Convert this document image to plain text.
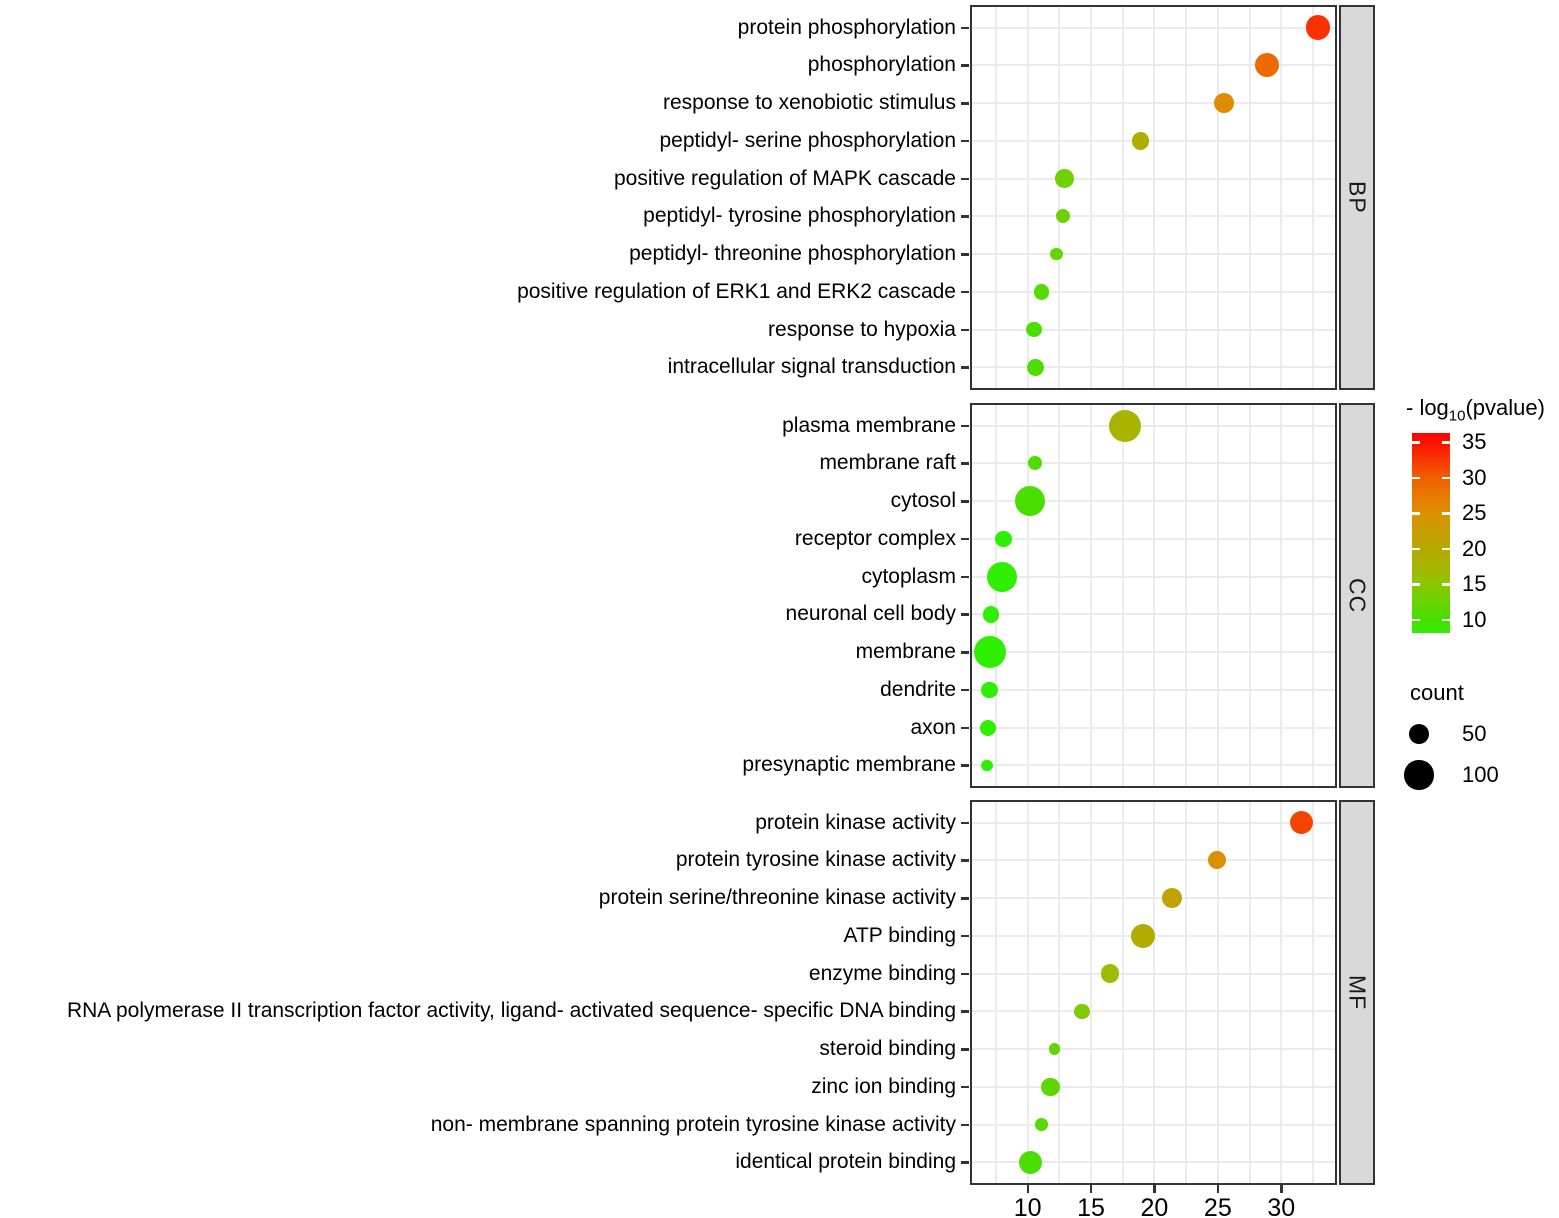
- $\log_{10}(pvalue)$
count
protein phosphorylation
phosphorylation
response to xenobiotic stimulus
peptidyl- serine phosphorylation
positive regulation of MAPK cascade
peptidyl- tyrosine phosphorylation
peptidyl- threonine phosphorylation
positive regulation of ERK1 and ERK2 cascade
response to hypoxia
intracellular signal transduction
BP
plasma membrane
membrane raft
cytosol
receptor complex
cytoplasm
neuronal cell body
membrane
dendrite
axon
presynaptic membrane
CC
protein kinase activity
protein tyrosine kinase activity
protein serine/threonine kinase activity
ATP binding
enzyme binding
RNA polymerase II transcription factor activity, ligand- activated sequence- specific DNA binding
steroid binding
zinc ion binding
non- membrane spanning protein tyrosine kinase activity
identical protein binding
MF
10	15	20	25	30
35
30
25
20
15
10
50
100
